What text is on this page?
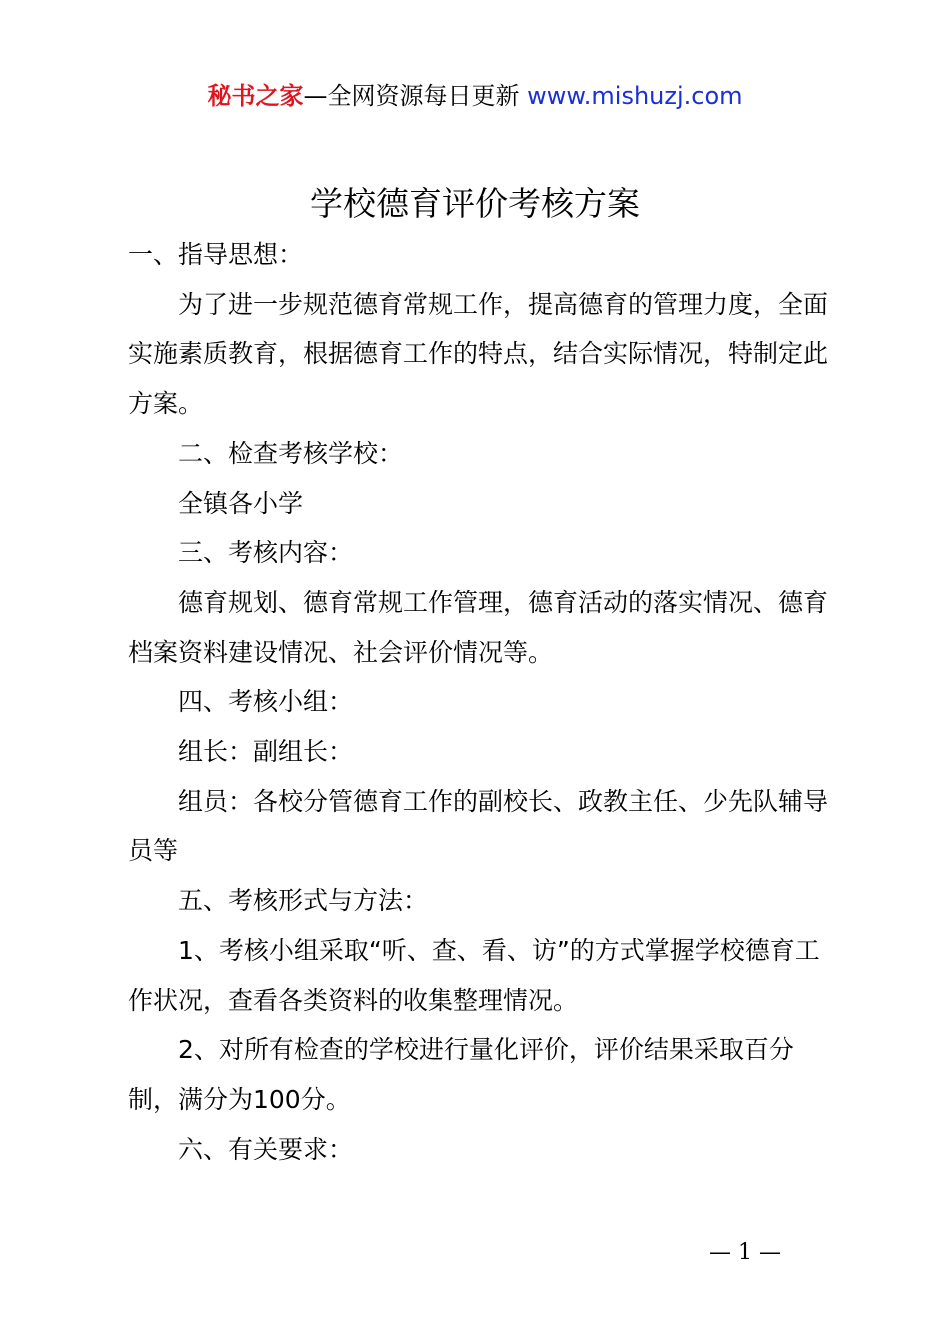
秘书之家—全网资源每日更新 www.mishuzj.com
学校德育评价考核方案

一、指导思想：

为了进一步规范德育常规工作，提高德育的管理力度，全面实施素质教育，根据德育工作的特点，结合实际情况，特制定此方案。

二、检查考核学校：

全镇各小学

三、考核内容：

德育规划、德育常规工作管理，德育活动的落实情况、德育档案资料建设情况、社会评价情况等。

四、考核小组：

组长：副组长：

组员：各校分管德育工作的副校长、政教主任、少先队辅导员等

五、考核形式与方法：

1、考核小组采取“听、查、看、访”的方式掌握学校德育工作状况，查看各类资料的收集整理情况。

2、对所有检查的学校进行量化评价，评价结果采取百分制，满分为100分。

六、有关要求：

— 1 —
